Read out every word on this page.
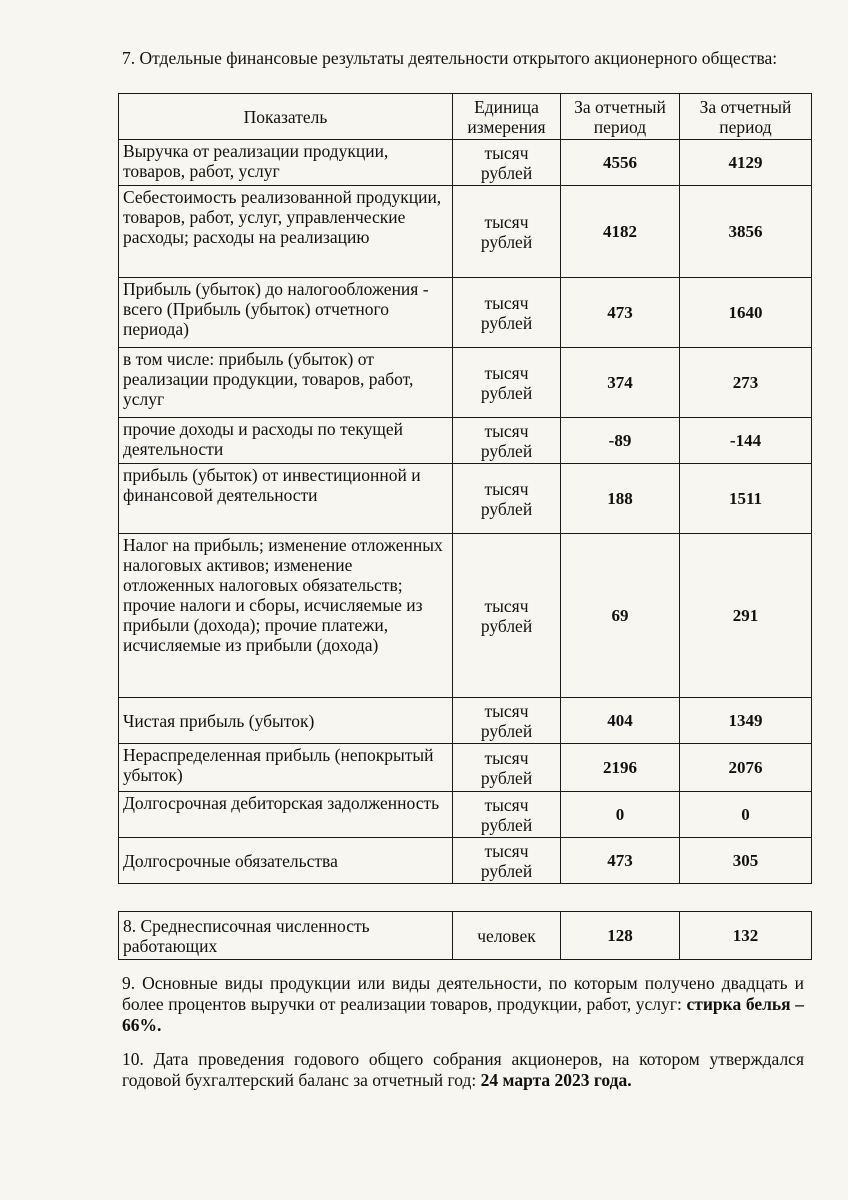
7. Отдельные финансовые результаты деятельности открытого акционерного общества:
Показатель	Единица измерения	За отчетный период	За отчетный период
Выручка от реализации продукции, товаров, работ, услуг	тысяч рублей	4556	4129
Себестоимость реализованной продукции, товаров, работ, услуг, управленческие расходы; расходы на реализацию	тысяч рублей	4182	3856
Прибыль (убыток) до налогообложения - всего (Прибыль (убыток) отчетного периода)	тысяч рублей	473	1640
в том числе: прибыль (убыток) от реализации продукции, товаров, работ, услуг	тысяч рублей	374	273
прочие доходы и расходы по текущей деятельности	тысяч рублей	-89	-144
прибыль (убыток) от инвестиционной и финансовой деятельности	тысяч рублей	188	1511
Налог на прибыль; изменение отложенных налоговых активов; изменение отложенных налоговых обязательств; прочие налоги и сборы, исчисляемые из прибыли (дохода); прочие платежи, исчисляемые из прибыли (дохода)	тысяч рублей	69	291
Чистая прибыль (убыток)	тысяч рублей	404	1349
Нераспределенная прибыль (непокрытый убыток)	тысяч рублей	2196	2076
Долгосрочная дебиторская задолженность	тысяч рублей	0	0
Долгосрочные обязательства	тысяч рублей	473	305
8. Среднесписочная численность работающих	человек	128	132
9. Основные виды продукции или виды деятельности, по которым получено двадцать и более процентов выручки от реализации товаров, продукции, работ, услуг: стирка белья – 66%.
10. Дата проведения годового общего собрания акционеров, на котором утверждался годовой бухгалтерский баланс за отчетный год: 24 марта 2023 года.
